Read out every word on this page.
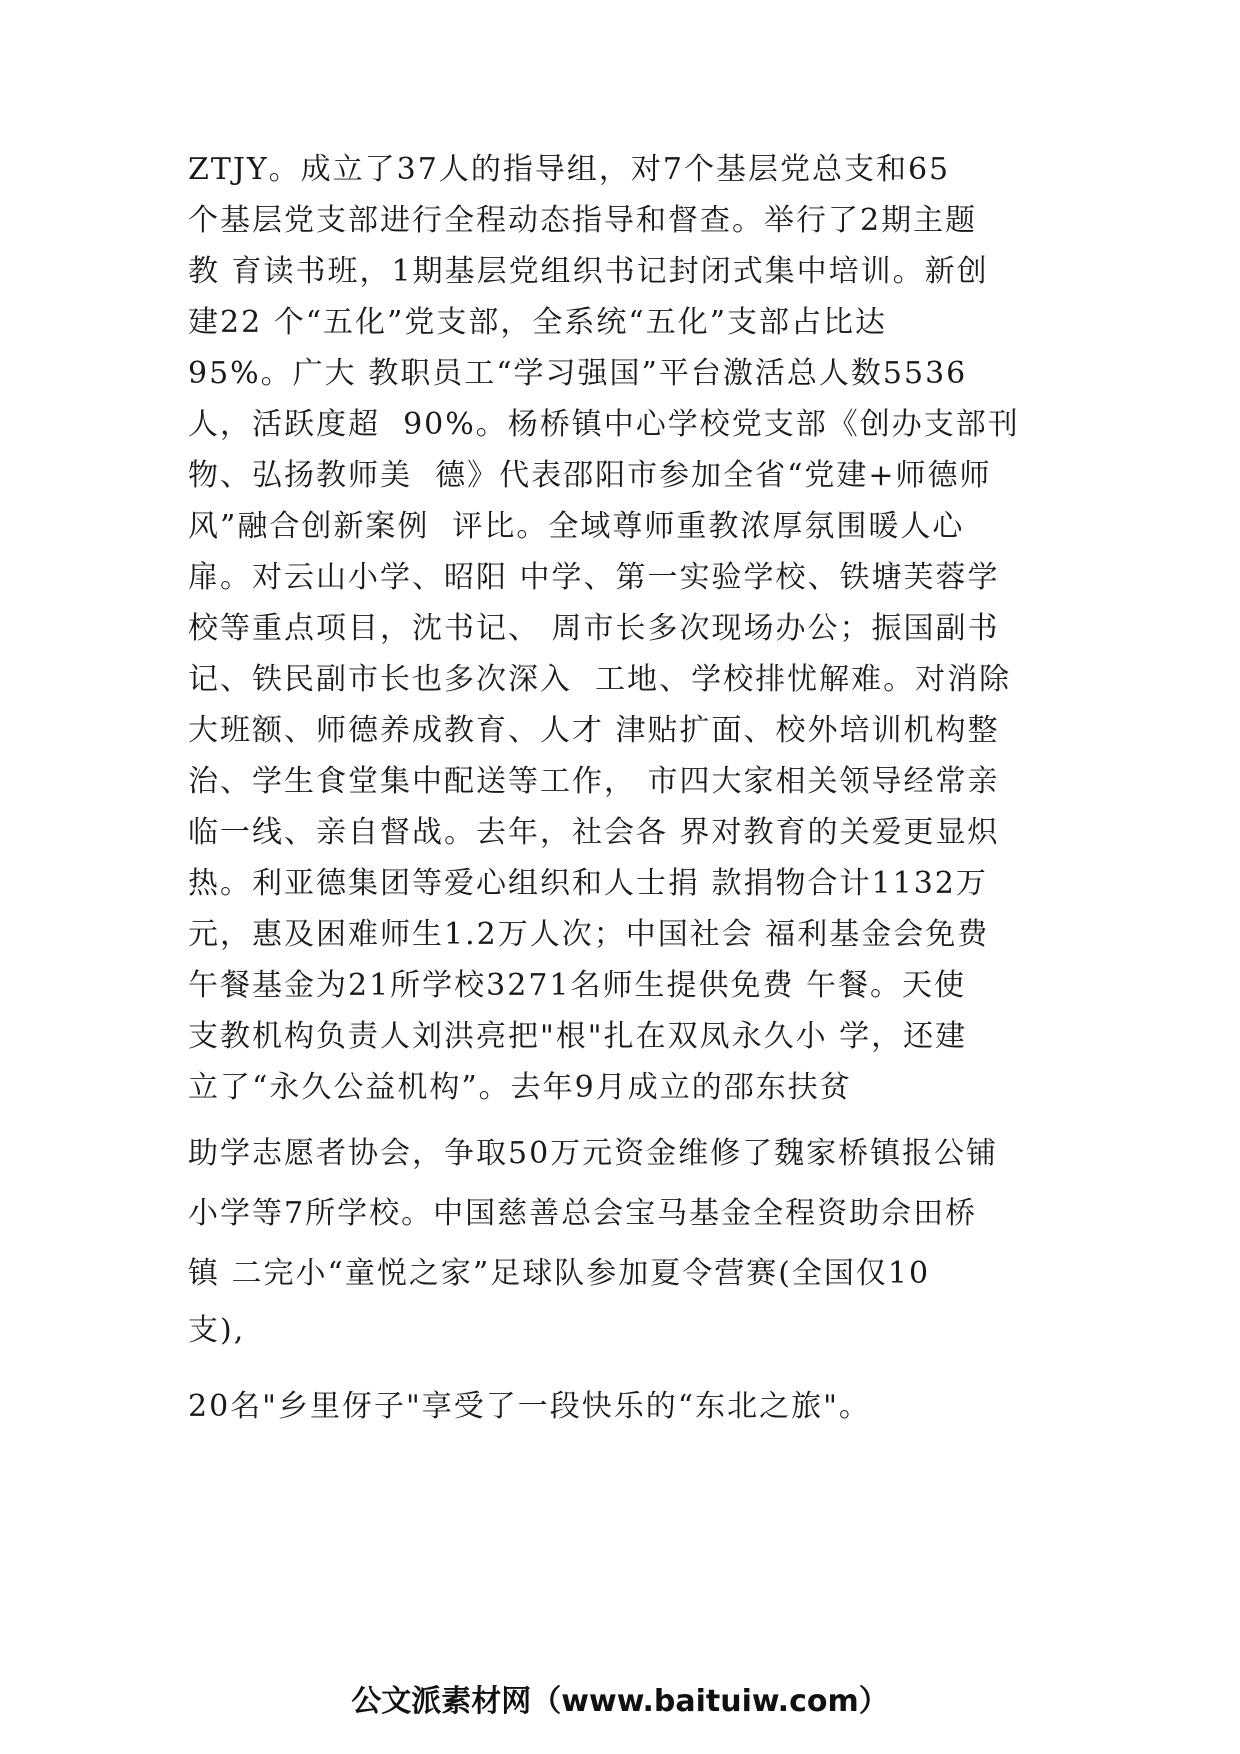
ZTJY。成立了37人的指导组，对7个基层党总支和65
个基层党支部进行全程动态指导和督查。举行了2期主题
教 育读书班，1期基层党组织书记封闭式集中培训。新创
建22 个“五化”党支部，全系统“五化”支部占比达
95%。广大 教职员工“学习强国”平台激活总人数5536
人，活跃度超  90%。杨桥镇中心学校党支部《创办支部刊
物、弘扬教师美  德》代表邵阳市参加全省“党建+师德师
风”融合创新案例  评比。全域尊师重教浓厚氛围暖人心
扉。对云山小学、昭阳 中学、第一实验学校、铁塘芙蓉学
校等重点项目，沈书记、 周市长多次现场办公；振国副书
记、铁民副市长也多次深入  工地、学校排忧解难。对消除
大班额、师德养成教育、人才 津贴扩面、校外培训机构整
治、学生食堂集中配送等工作， 市四大家相关领导经常亲
临一线、亲自督战。去年，社会各 界对教育的关爱更显炽
热。利亚德集团等爱心组织和人士捐 款捐物合计1132万
元，惠及困难师生1.2万人次；中国社会 福利基金会免费
午餐基金为21所学校3271名师生提供免费 午餐。天使
支教机构负责人刘洪亮把"根"扎在双凤永久小 学，还建
立了“永久公益机构”。去年9月成立的邵东扶贫
助学志愿者协会，争取50万元资金维修了魏家桥镇报公铺
小学等7所学校。中国慈善总会宝马基金全程资助佘田桥
镇 二完小“童悦之家”足球队参加夏令营赛(全国仅10
支),
20名"乡里伢子"享受了一段快乐的“东北之旅"。
公文派素材网（www.baituiw.com）
